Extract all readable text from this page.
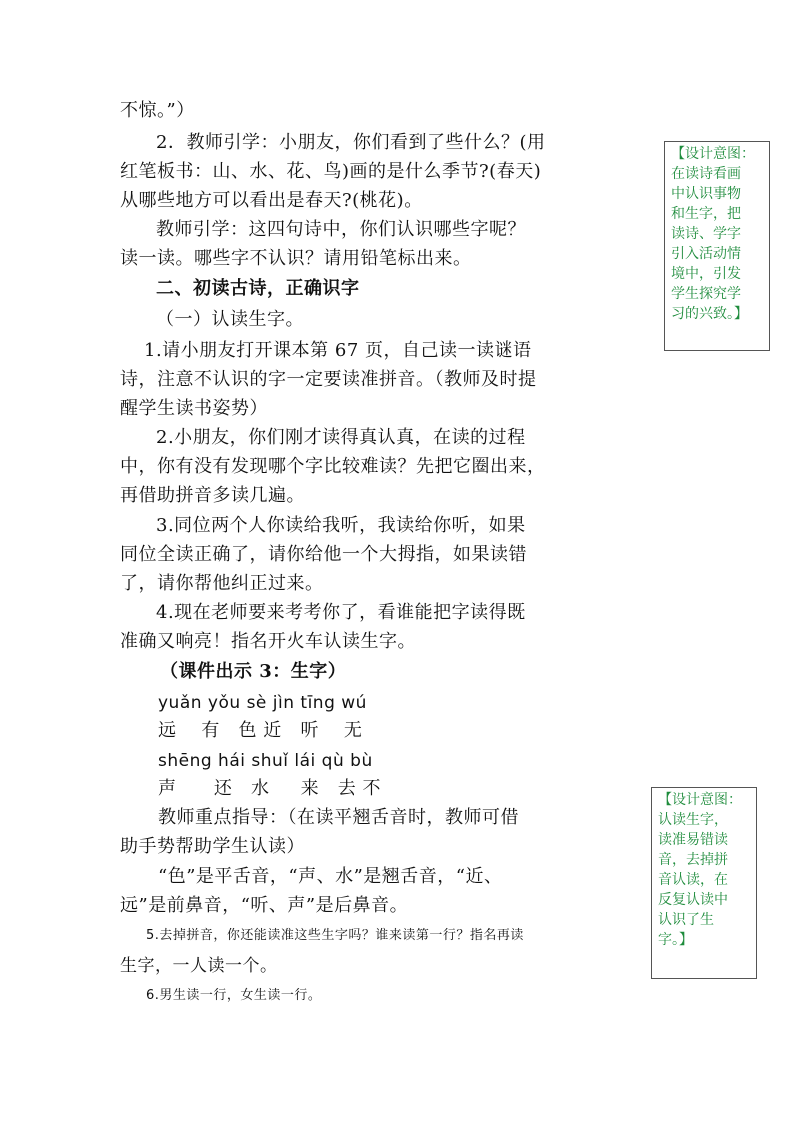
不惊。”）
2．教师引学：小朋友，你们看到了些什么？(用
红笔板书：山、水、花、鸟)画的是什么季节?(春天)
从哪些地方可以看出是春天?(桃花)。
教师引学：这四句诗中，你们认识哪些字呢？
读一读。哪些字不认识？请用铅笔标出来。
二、初读古诗，正确识字
（一）认读生字。
1.请小朋友打开课本第 67 页，自己读一读谜语
诗，注意不认识的字一定要读准拼音。（教师及时提
醒学生读书姿势）
2.小朋友，你们刚才读得真认真，在读的过程
中，你有没有发现哪个字比较难读？先把它圈出来，
再借助拼音多读几遍。
3.同位两个人你读给我听，我读给你听，如果
同位全读正确了，请你给他一个大拇指，如果读错
了，请你帮他纠正过来。
4.现在老师要来考考你了，看谁能把字读得既
准确又响亮！指名开火车认读生字。
（课件出示 3：生字）
yuǎn yǒu sè jìn tīng wú
远    有   色 近   听    无
shēng hái shuǐ lái qù bù
声      还   水     来   去 不
教师重点指导：（在读平翘舌音时，教师可借
助手势帮助学生认读）
“色”是平舌音，“声、水”是翘舌音，“近、
远”是前鼻音，“听、声”是后鼻音。
5.去掉拼音，你还能读准这些生字吗？谁来读第一行？指名再读
生字，一人读一个。
6.男生读一行，女生读一行。
【设计意图：
在读诗看画
中认识事物
和生字，把
读诗、学字
引入活动情
境中，引发
学生探究学
习的兴致。】
【设计意图：
认读生字，
读准易错读
音，去掉拼
音认读，在
反复认读中
认识了生
字。】
